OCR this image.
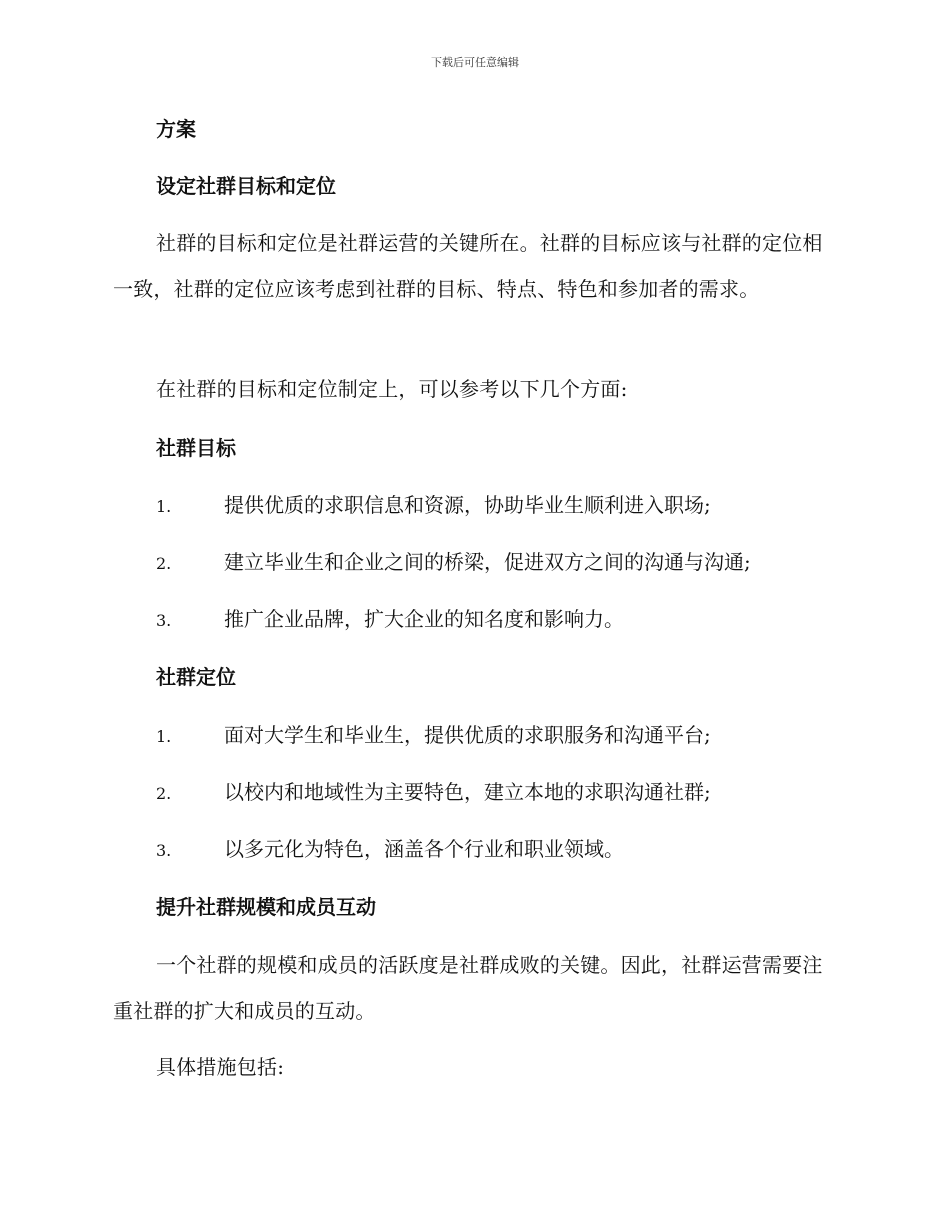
下载后可任意编辑
方案
设定社群目标和定位
社群的目标和定位是社群运营的关键所在。社群的目标应该与社群的定位相一致，社群的定位应该考虑到社群的目标、特点、特色和参加者的需求。
在社群的目标和定位制定上，可以参考以下几个方面:
社群目标
1.	提供优质的求职信息和资源，协助毕业生顺利进入职场;
2.	建立毕业生和企业之间的桥梁，促进双方之间的沟通与沟通;
3.	推广企业品牌，扩大企业的知名度和影响力。
社群定位
1.	面对大学生和毕业生，提供优质的求职服务和沟通平台;
2.	以校内和地域性为主要特色，建立本地的求职沟通社群;
3.	以多元化为特色，涵盖各个行业和职业领域。
提升社群规模和成员互动
一个社群的规模和成员的活跃度是社群成败的关键。因此，社群运营需要注重社群的扩大和成员的互动。
具体措施包括:
